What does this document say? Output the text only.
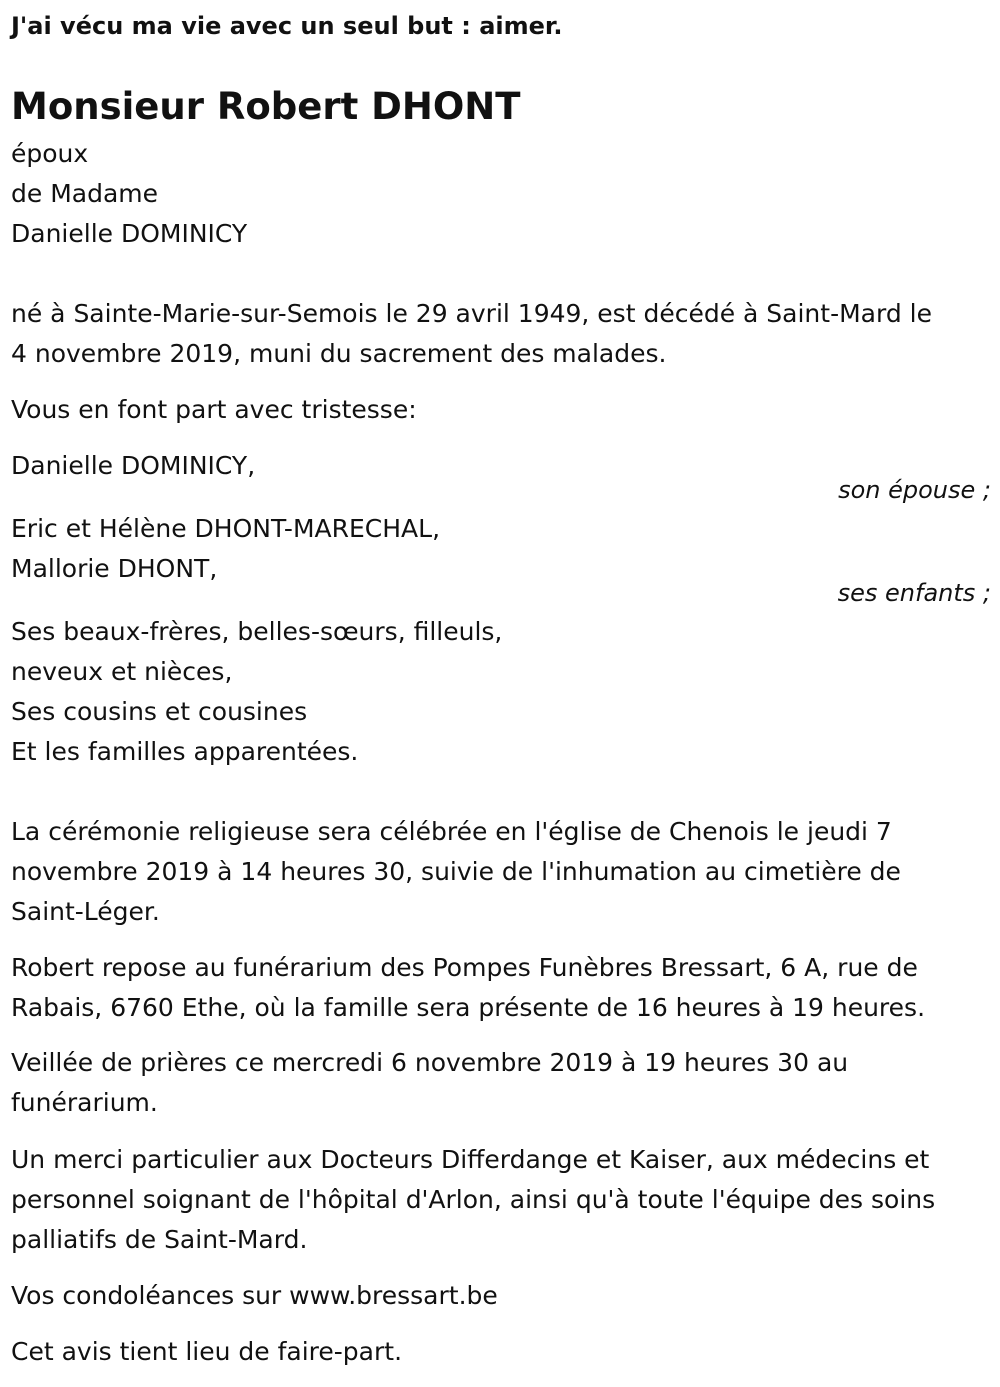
J'ai vécu ma vie avec un seul but : aimer.
Monsieur Robert DHONT
époux
de Madame
Danielle DOMINICY
né à Sainte-Marie-sur-Semois le 29 avril 1949, est décédé à Saint-Mard le
4 novembre 2019, muni du sacrement des malades.
Vous en font part avec tristesse:
Danielle DOMINICY,
son épouse ;
Eric et Hélène DHONT-MARECHAL,
Mallorie DHONT,
ses enfants ;
Ses beaux-frères, belles-sœurs, filleuls,
neveux et nièces,
Ses cousins et cousines
Et les familles apparentées.
La cérémonie religieuse sera célébrée en l'église de Chenois le jeudi 7
novembre 2019 à 14 heures 30, suivie de l'inhumation au cimetière de
Saint-Léger.
Robert repose au funérarium des Pompes Funèbres Bressart, 6 A, rue de
Rabais, 6760 Ethe, où la famille sera présente de 16 heures à 19 heures.
Veillée de prières ce mercredi 6 novembre 2019 à 19 heures 30 au
funérarium.
Un merci particulier aux Docteurs Differdange et Kaiser, aux médecins et
personnel soignant de l'hôpital d'Arlon, ainsi qu'à toute l'équipe des soins
palliatifs de Saint-Mard.
Vos condoléances sur www.bressart.be
Cet avis tient lieu de faire-part.
